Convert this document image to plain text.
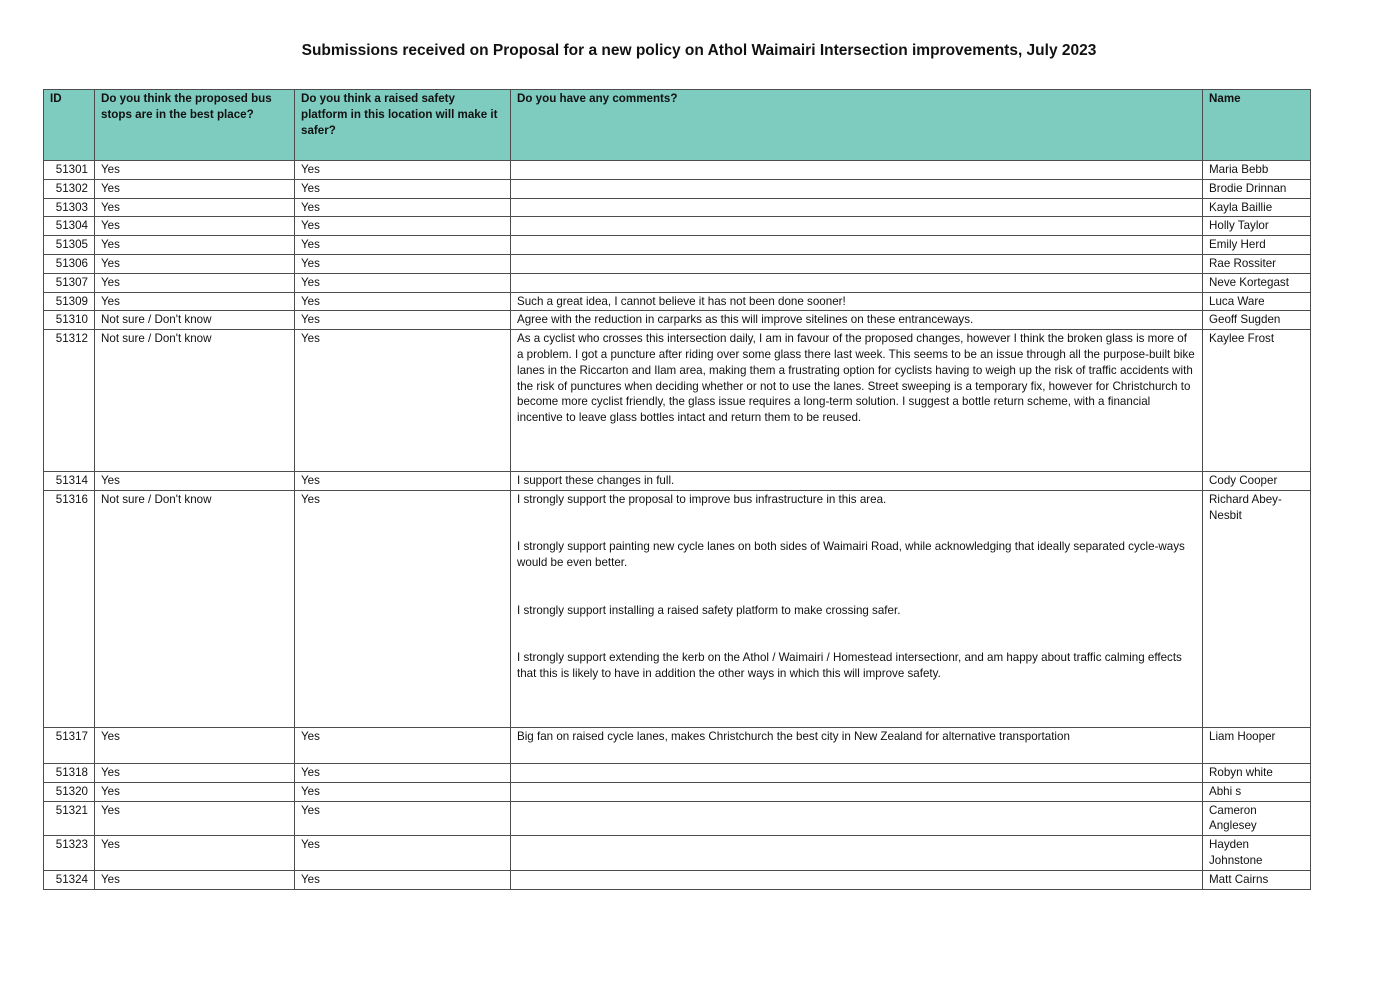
Submissions received on Proposal for a new policy on Athol Waimairi Intersection improvements, July 2023
ID	Do you think the proposed bus stops are in the best place?	Do you think a raised safety platform in this location will make it safer?	Do you have any comments?	Name
51301	Yes	Yes		Maria Bebb
51302	Yes	Yes		Brodie Drinnan
51303	Yes	Yes		Kayla Baillie
51304	Yes	Yes		Holly Taylor
51305	Yes	Yes		Emily Herd
51306	Yes	Yes		Rae Rossiter
51307	Yes	Yes		Neve Kortegast
51309	Yes	Yes	Such a great idea, I cannot believe it has not been done sooner!	Luca Ware
51310	Not sure / Don't know	Yes	Agree with the reduction in carparks as this will improve sitelines on these entranceways.	Geoff Sugden
51312	Not sure / Don't know	Yes	As a cyclist who crosses this intersection daily, I am in favour of the proposed changes, however I think the broken glass is more of a problem. I got a puncture after riding over some glass there last week. This seems to be an issue through all the purpose-built bike lanes in the Riccarton and Ilam area, making them a frustrating option for cyclists having to weigh up the risk of traffic accidents with the risk of punctures when deciding whether or not to use the lanes. Street sweeping is a temporary fix, however for Christchurch to become more cyclist friendly, the glass issue requires a long-term solution. I suggest a bottle return scheme, with a financial incentive to leave glass bottles intact and return them to be reused.	Kaylee Frost
51314	Yes	Yes	I support these changes in full.	Cody Cooper
51316	Not sure / Don't know	Yes	I strongly support the proposal to improve bus infrastructure in this area.

I strongly support painting new cycle lanes on both sides of Waimairi Road, while acknowledging that ideally separated cycle-ways would be even better.

I strongly support installing a raised safety platform to make crossing safer.

I strongly support extending the kerb on the Athol / Waimairi / Homestead intersectionr, and am happy about traffic calming effects that this is likely to have in addition the other ways in which this will improve safety.	Richard Abey-Nesbit
51317	Yes	Yes	Big fan on raised cycle lanes, makes Christchurch the best city in New Zealand for alternative transportation	Liam Hooper
51318	Yes	Yes		Robyn white
51320	Yes	Yes		Abhi s
51321	Yes	Yes		Cameron Anglesey
51323	Yes	Yes		Hayden Johnstone
51324	Yes	Yes		Matt Cairns
